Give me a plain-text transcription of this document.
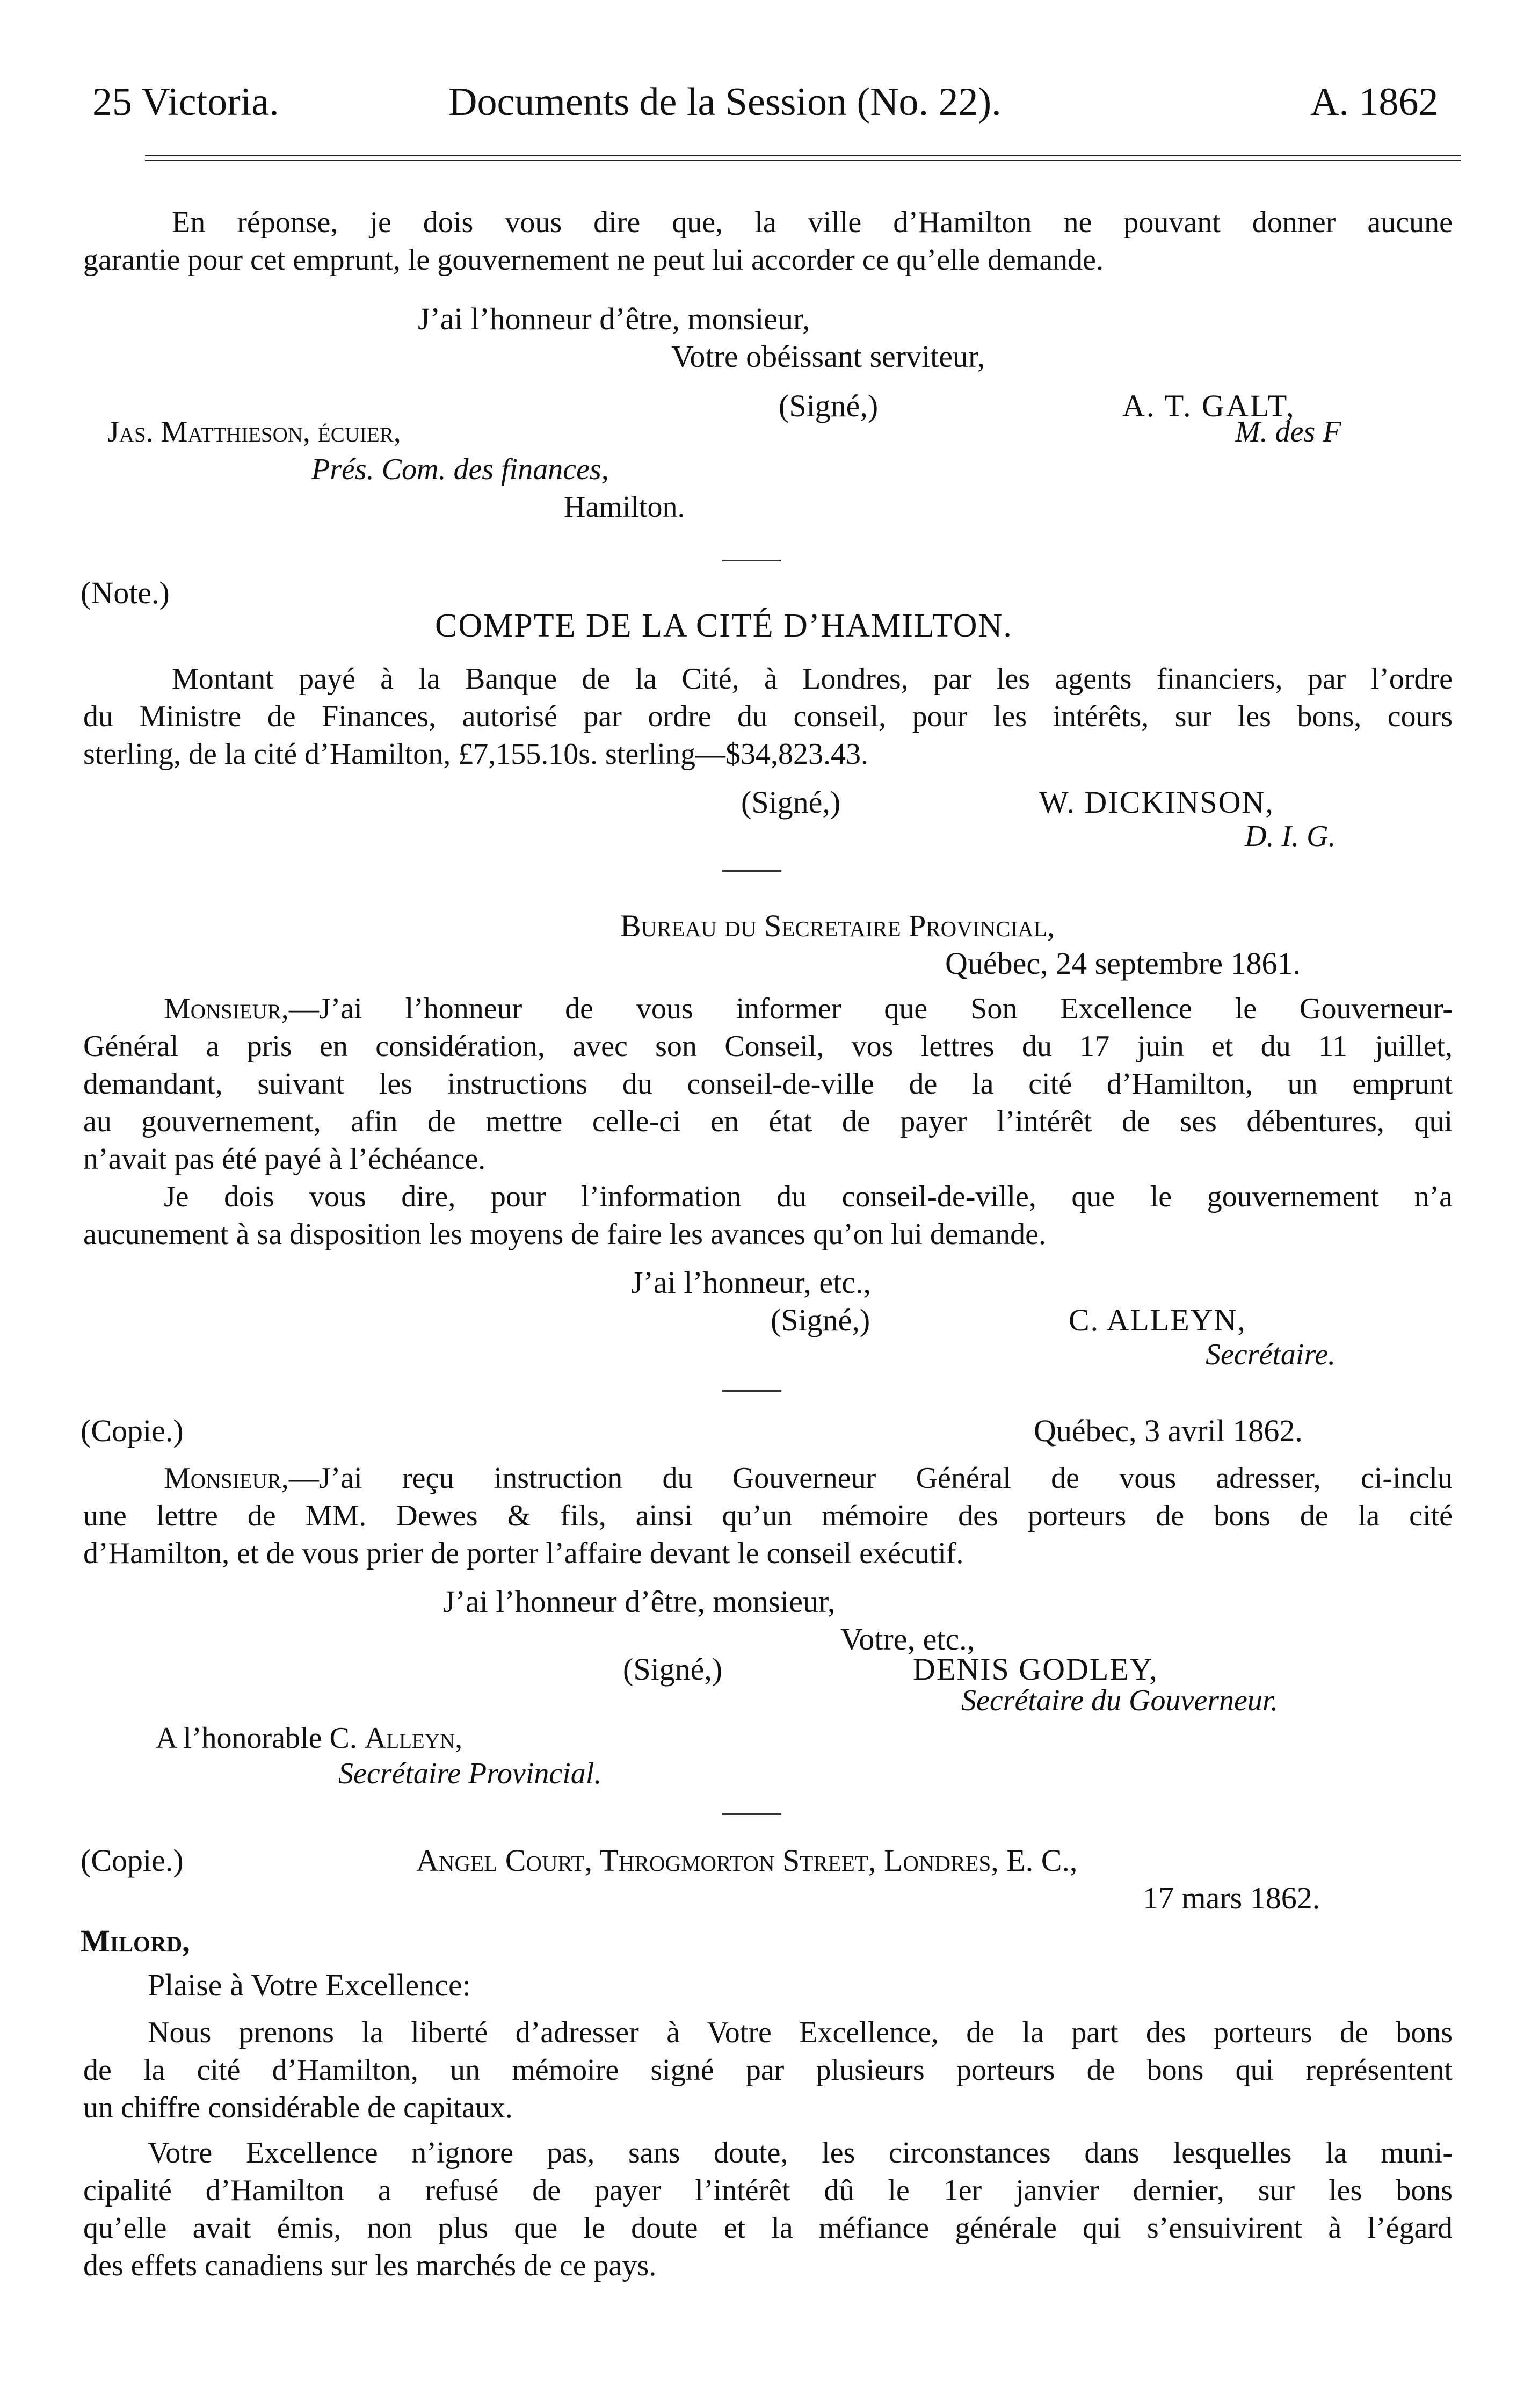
25 Victoria.	Documents de la Session (No. 22).	A. 1862
En réponse, je dois vous dire que, la ville d’Hamilton ne pouvant donner aucune
garantie pour cet emprunt, le gouvernement ne peut lui accorder ce qu’elle demande.
J’ai l’honneur d’être, monsieur,
Votre obéissant serviteur,
(Signé,)	A. T. GALT,
Jas. Matthieson, écuier,	M. des F
Prés. Com. des finances,
Hamilton.
(Note.)
COMPTE DE LA CITÉ D’HAMILTON.
Montant payé à la Banque de la Cité, à Londres, par les agents financiers, par l’ordre
du Ministre de Finances, autorisé par ordre du conseil, pour les intérêts, sur les bons, cours
sterling, de la cité d’Hamilton, £7,155.10s. sterling—$34,823.43.
(Signé,)	W. DICKINSON,
D. I. G.
Bureau du Secretaire Provincial,
Québec, 24 septembre 1861.
Monsieur,—J’ai l’honneur de vous informer que Son Excellence le Gouverneur-
Général a pris en considération, avec son Conseil, vos lettres du 17 juin et du 11 juillet,
demandant, suivant les instructions du conseil-de-ville de la cité d’Hamilton, un emprunt
au gouvernement, afin de mettre celle-ci en état de payer l’intérêt de ses débentures, qui
n’avait pas été payé à l’échéance.
Je dois vous dire, pour l’information du conseil-de-ville, que le gouvernement n’a
aucunement à sa disposition les moyens de faire les avances qu’on lui demande.
J’ai l’honneur, etc.,
(Signé,)	C. ALLEYN,
Secrétaire.
(Copie.)	Québec, 3 avril 1862.
Monsieur,—J’ai reçu instruction du Gouverneur Général de vous adresser, ci-inclu
une lettre de MM. Dewes & fils, ainsi qu’un mémoire des porteurs de bons de la cité
d’Hamilton, et de vous prier de porter l’affaire devant le conseil exécutif.
J’ai l’honneur d’être, monsieur,
Votre, etc.,
(Signé,)	DENIS GODLEY,
Secrétaire du Gouverneur.
A l’honorable C. Alleyn,
Secrétaire Provincial.
(Copie.)	Angel Court, Throgmorton Street, Londres, E. C.,
17 mars 1862.
Milord,
Plaise à Votre Excellence:
Nous prenons la liberté d’adresser à Votre Excellence, de la part des porteurs de bons
de la cité d’Hamilton, un mémoire signé par plusieurs porteurs de bons qui représentent
un chiffre considérable de capitaux.
Votre Excellence n’ignore pas, sans doute, les circonstances dans lesquelles la muni-
cipalité d’Hamilton a refusé de payer l’intérêt dû le 1er janvier dernier, sur les bons
qu’elle avait émis, non plus que le doute et la méfiance générale qui s’ensuivirent à l’égard
des effets canadiens sur les marchés de ce pays.
